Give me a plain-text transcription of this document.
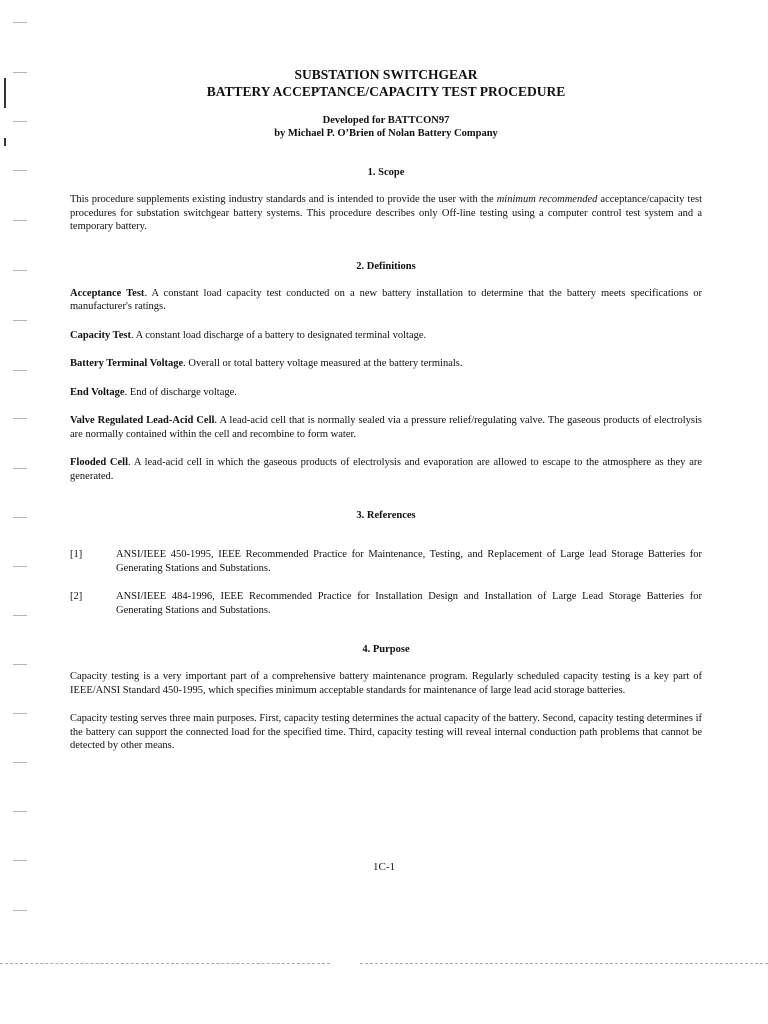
SUBSTATION SWITCHGEAR

BATTERY ACCEPTANCE/CAPACITY TEST PROCEDURE

Developed for BATTCON97

by Michael P. O’Brien of Nolan Battery Company

1. Scope

This procedure supplements existing industry standards and is intended to provide the user with the minimum recommended acceptance/capacity test procedures for substation switchgear battery systems. This procedure describes only Off-line testing using a computer control test system and a temporary battery.

2. Definitions

Acceptance Test. A constant load capacity test conducted on a new battery installation to determine that the battery meets specifications or manufacturer's ratings.

Capacity Test. A constant load discharge of a battery to designated terminal voltage.

Battery Terminal Voltage. Overall or total battery voltage measured at the battery terminals.

End Voltage. End of discharge voltage.

Valve Regulated Lead-Acid Cell. A lead-acid cell that is normally sealed via a pressure relief/regulating valve. The gaseous products of electrolysis are normally contained within the cell and recombine to form water.

Flooded Cell. A lead-acid cell in which the gaseous products of electrolysis and evaporation are allowed to escape to the atmosphere as they are generated.

3. References

[1]	ANSI/IEEE 450-1995, IEEE Recommended Practice for Maintenance, Testing, and Replacement of Large lead Storage Batteries for Generating Stations and Substations.
[2]	ANSI/IEEE 484-1996, IEEE Recommended Practice for Installation Design and Installation of Large Lead Storage Batteries for Generating Stations and Substations.

4. Purpose

Capacity testing is a very important part of a comprehensive battery maintenance program. Regularly scheduled capacity testing is a key part of IEEE/ANSI Standard 450-1995, which specifies minimum acceptable standards for maintenance of large lead acid storage batteries.

Capacity testing serves three main purposes. First, capacity testing determines the actual capacity of the battery. Second, capacity testing determines if the battery can support the connected load for the specified time. Third, capacity testing will reveal internal conduction path problems that cannot be detected by other means.

1C-1
